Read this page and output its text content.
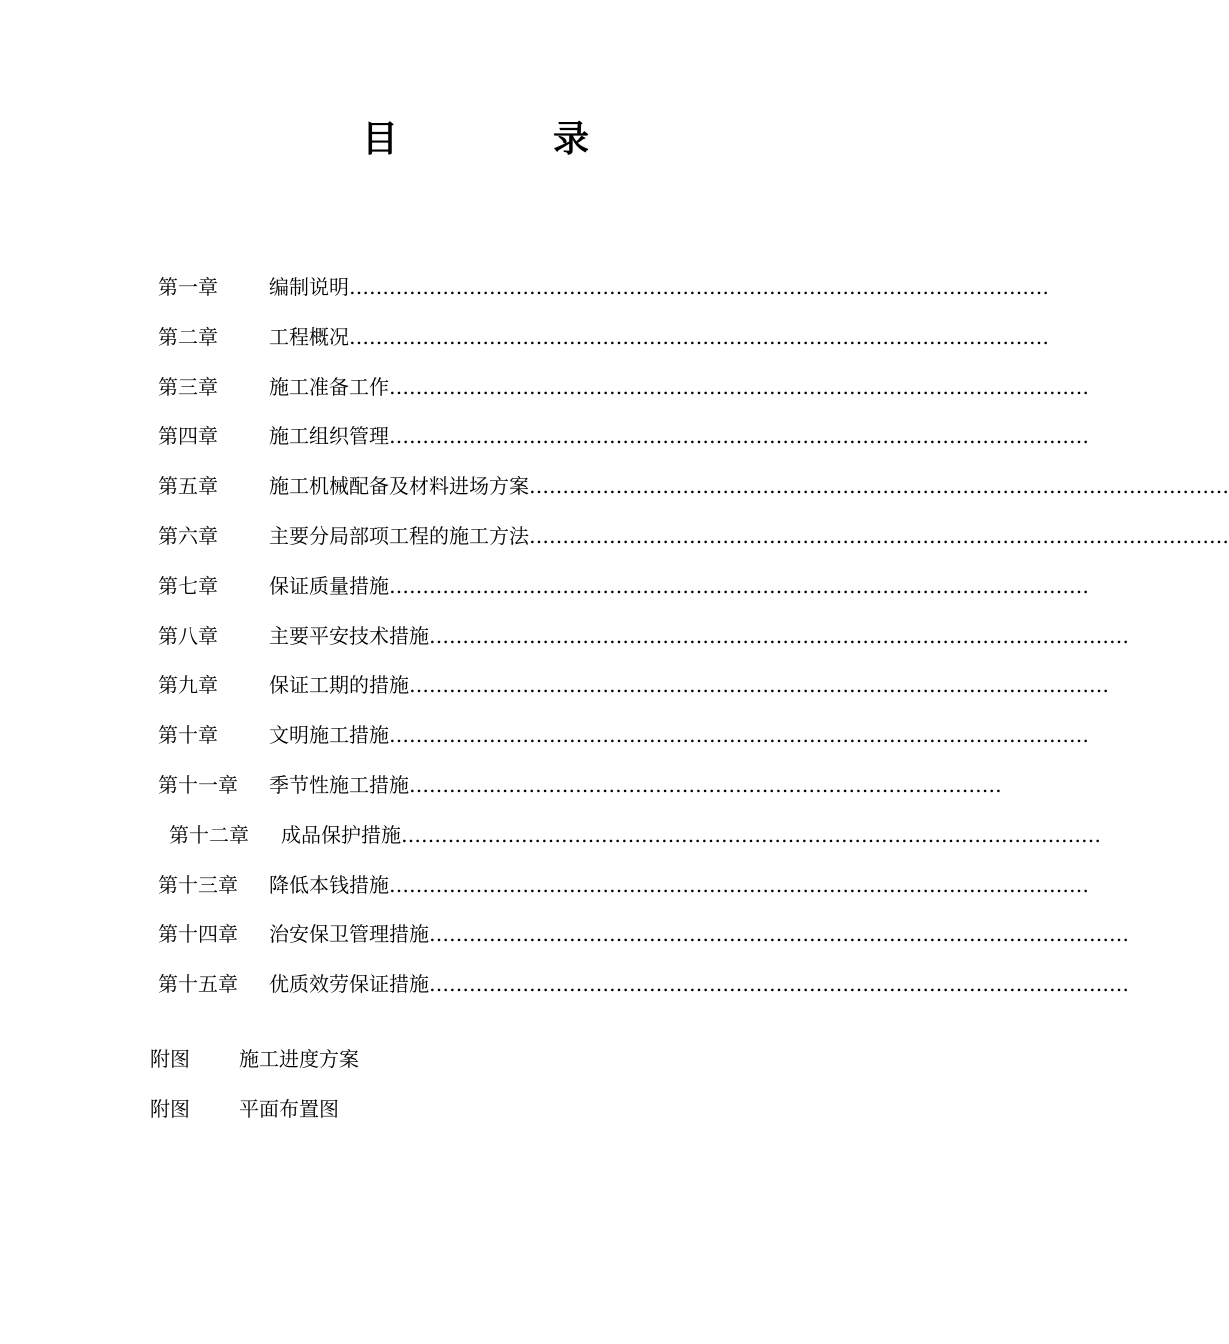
目	录
第一章	编制说明 ……………………………………………………………………………………………
第二章	工程概况 ……………………………………………………………………………………………
第三章	施工准备工作 ……………………………………………………………………………………………
第四章	施工组织管理 ……………………………………………………………………………………………
第五章	施工机械配备及材料进场方案 ……………………………………………………………………………………………
第六章	主要分局部项工程的施工方法 ……………………………………………………………………………………………
第七章	保证质量措施 ……………………………………………………………………………………………
第八章	主要平安技术措施 ……………………………………………………………………………………………
第九章	保证工期的措施 ……………………………………………………………………………………………
第十章	文明施工措施 ……………………………………………………………………………………………
第十一章 季节性施工措施 …………..…………………………………………………………………
第十二章 成品保护措施 ……………………………………………………………………………………………
第十三章 降低本钱措施 ……………………………………………………………………………………………
第十四章 治安保卫管理措施 ……………………………………………………………………………………………
第十五章 优质效劳保证措施 ……………………………………………………………………………………………
附图 施工进度方案
附图 平面布置图
